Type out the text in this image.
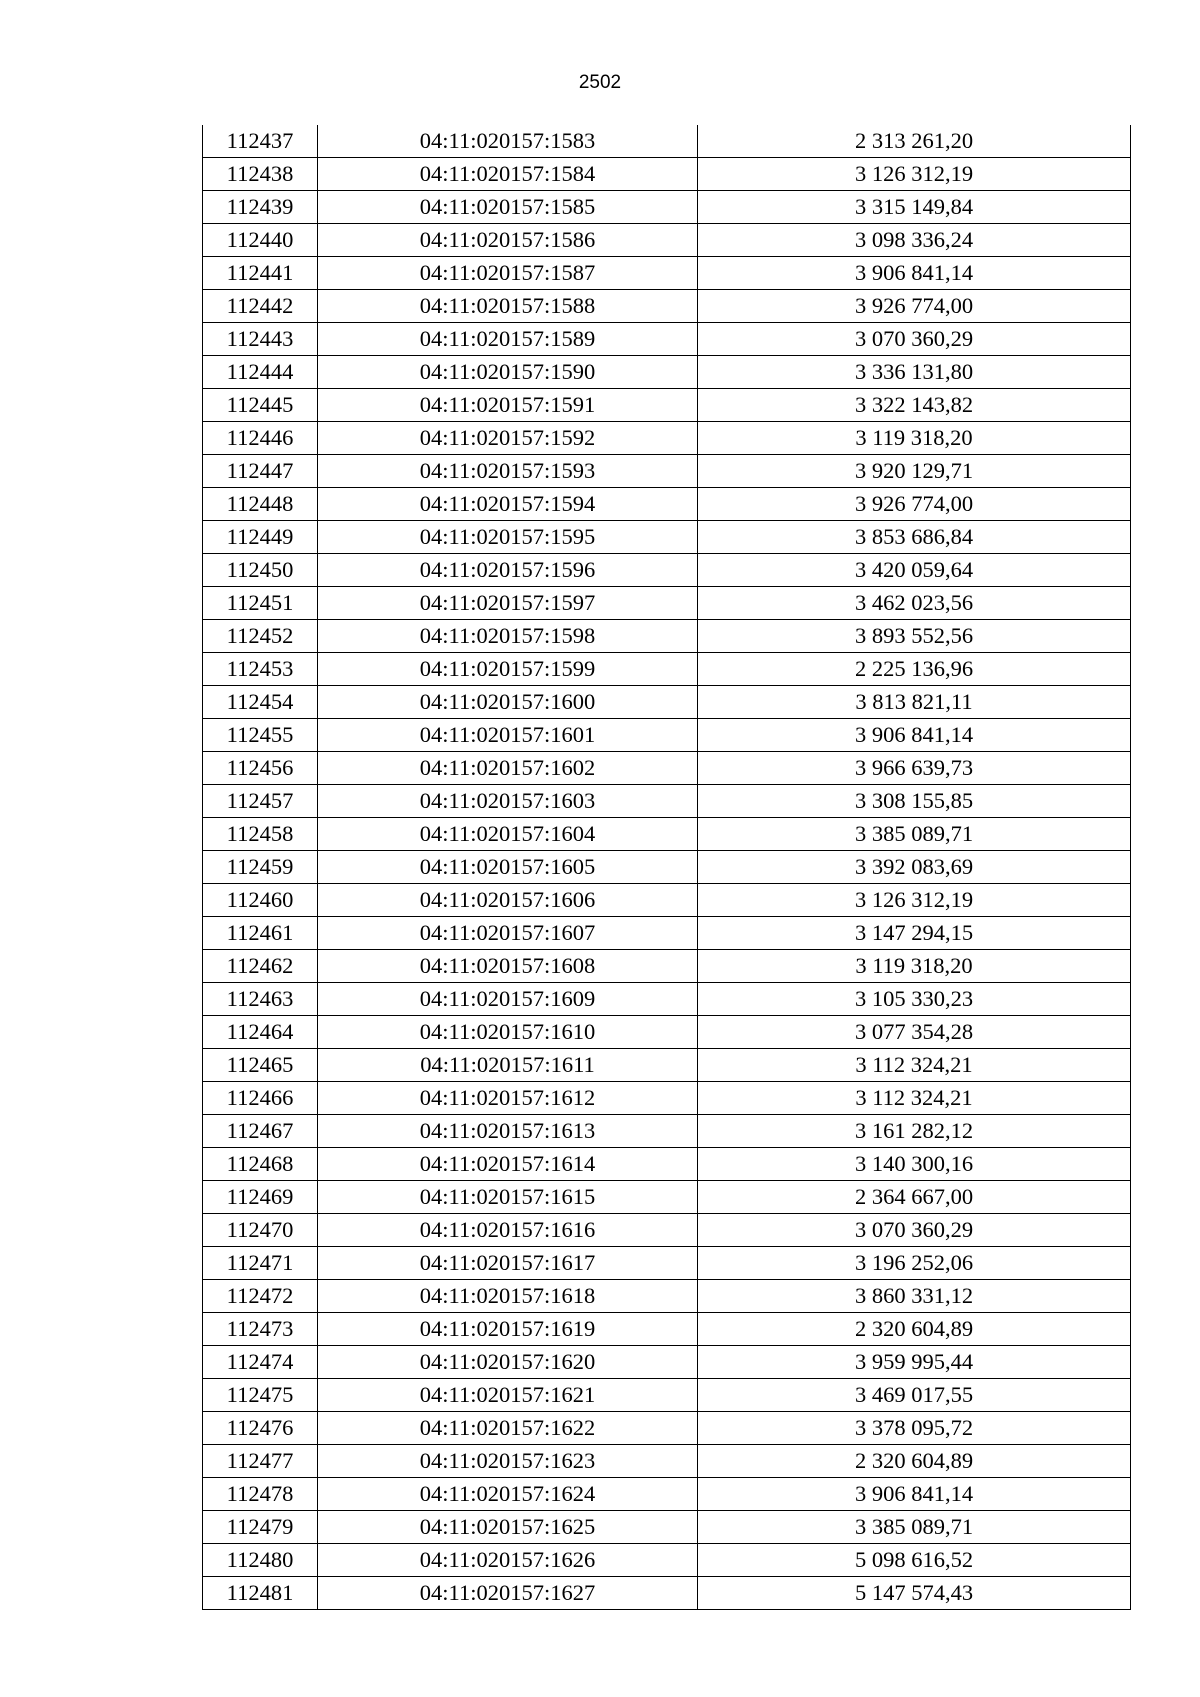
2502
112437	04:11:020157:1583	2 313 261,20
112438	04:11:020157:1584	3 126 312,19
112439	04:11:020157:1585	3 315 149,84
112440	04:11:020157:1586	3 098 336,24
112441	04:11:020157:1587	3 906 841,14
112442	04:11:020157:1588	3 926 774,00
112443	04:11:020157:1589	3 070 360,29
112444	04:11:020157:1590	3 336 131,80
112445	04:11:020157:1591	3 322 143,82
112446	04:11:020157:1592	3 119 318,20
112447	04:11:020157:1593	3 920 129,71
112448	04:11:020157:1594	3 926 774,00
112449	04:11:020157:1595	3 853 686,84
112450	04:11:020157:1596	3 420 059,64
112451	04:11:020157:1597	3 462 023,56
112452	04:11:020157:1598	3 893 552,56
112453	04:11:020157:1599	2 225 136,96
112454	04:11:020157:1600	3 813 821,11
112455	04:11:020157:1601	3 906 841,14
112456	04:11:020157:1602	3 966 639,73
112457	04:11:020157:1603	3 308 155,85
112458	04:11:020157:1604	3 385 089,71
112459	04:11:020157:1605	3 392 083,69
112460	04:11:020157:1606	3 126 312,19
112461	04:11:020157:1607	3 147 294,15
112462	04:11:020157:1608	3 119 318,20
112463	04:11:020157:1609	3 105 330,23
112464	04:11:020157:1610	3 077 354,28
112465	04:11:020157:1611	3 112 324,21
112466	04:11:020157:1612	3 112 324,21
112467	04:11:020157:1613	3 161 282,12
112468	04:11:020157:1614	3 140 300,16
112469	04:11:020157:1615	2 364 667,00
112470	04:11:020157:1616	3 070 360,29
112471	04:11:020157:1617	3 196 252,06
112472	04:11:020157:1618	3 860 331,12
112473	04:11:020157:1619	2 320 604,89
112474	04:11:020157:1620	3 959 995,44
112475	04:11:020157:1621	3 469 017,55
112476	04:11:020157:1622	3 378 095,72
112477	04:11:020157:1623	2 320 604,89
112478	04:11:020157:1624	3 906 841,14
112479	04:11:020157:1625	3 385 089,71
112480	04:11:020157:1626	5 098 616,52
112481	04:11:020157:1627	5 147 574,43
